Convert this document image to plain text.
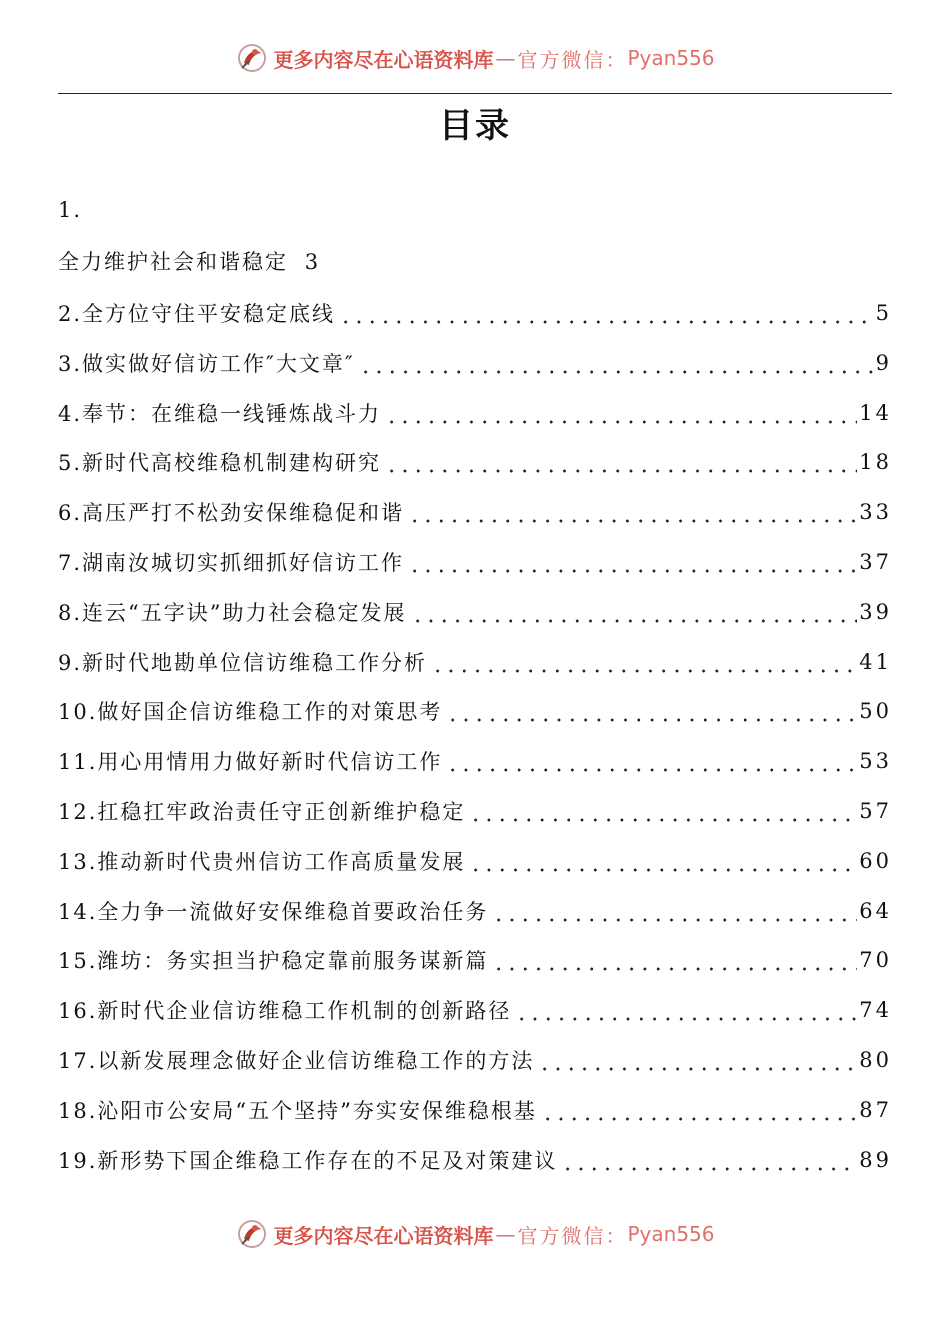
更多内容尽在心语资料库 — 官方微信： Pyan556
目录
1.
全力维护社会和谐稳定 3
2.全方位守住平安稳定底线	5
3.做实做好信访工作″大文章″	9
4.奉节：在维稳一线锤炼战斗力	14
5.新时代高校维稳机制建构研究	18
6.高压严打不松劲安保维稳促和谐	33
7.湖南汝城切实抓细抓好信访工作	37
8.连云“五字诀”助力社会稳定发展	39
9.新时代地勘单位信访维稳工作分析	41
10.做好国企信访维稳工作的对策思考	50
11.用心用情用力做好新时代信访工作	53
12.扛稳扛牢政治责任守正创新维护稳定	57
13.推动新时代贵州信访工作高质量发展	60
14.全力争一流做好安保维稳首要政治任务	64
15.潍坊：务实担当护稳定靠前服务谋新篇	70
16.新时代企业信访维稳工作机制的创新路径	74
17.以新发展理念做好企业信访维稳工作的方法	80
18.沁阳市公安局“五个坚持”夯实安保维稳根基	87
19.新形势下国企维稳工作存在的不足及对策建议	89
更多内容尽在心语资料库 — 官方微信： Pyan556
